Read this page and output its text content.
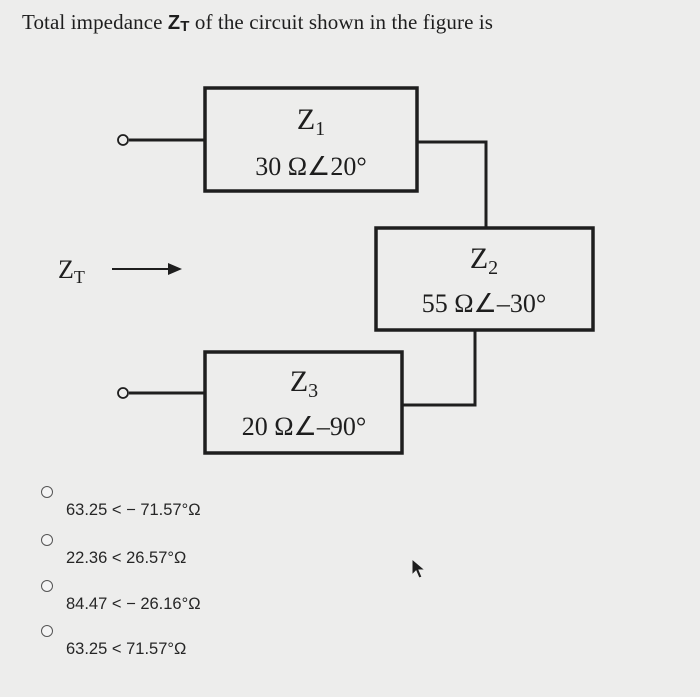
Total impedance $Z_T$ of the circuit shown in the figure is
ZT
$Z_1$
30 Ω∠20°
$Z_2$
55 Ω∠–30°
$Z_3$
20 Ω∠–90°
63.25 < − 71.57°Ω
22.36 < 26.57°Ω
84.47 < − 26.16°Ω
63.25 < 71.57°Ω
